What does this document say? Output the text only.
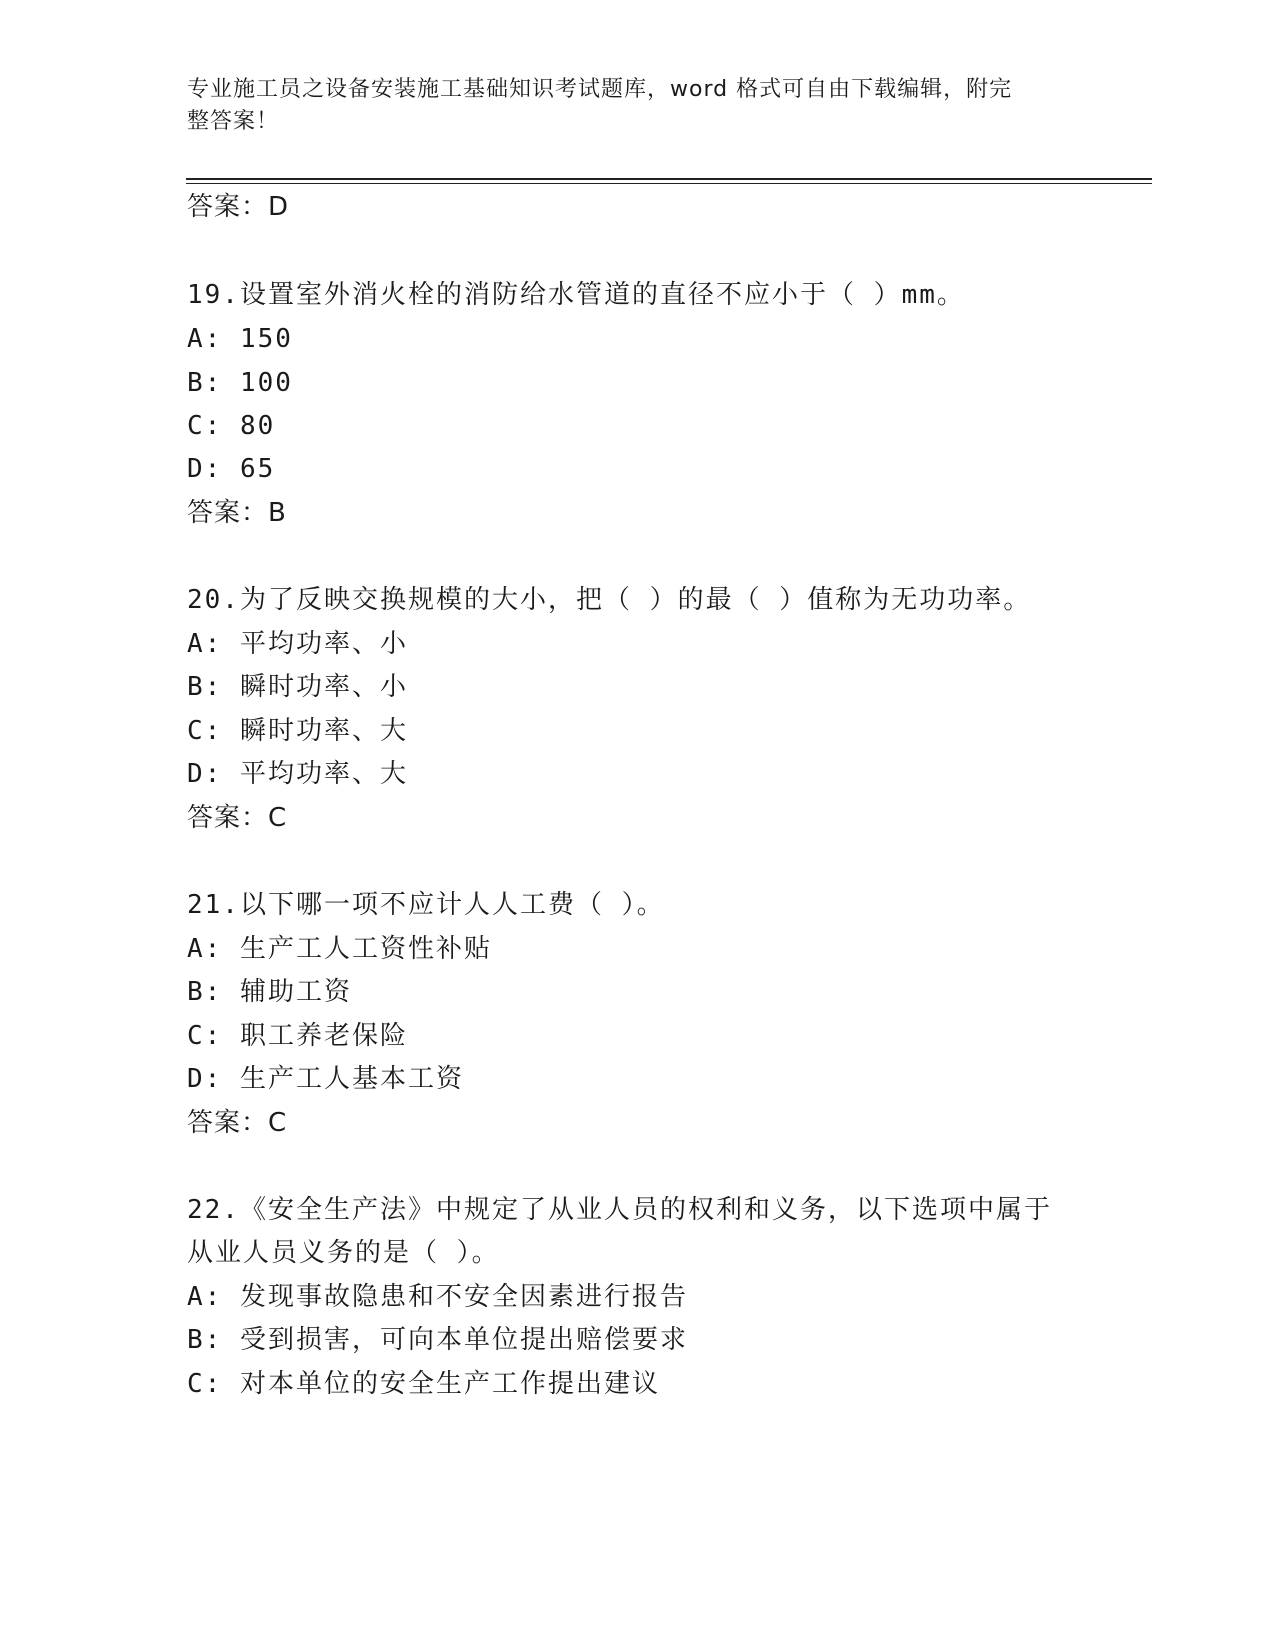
专业施工员之设备安装施工基础知识考试题库，word 格式可自由下载编辑，附完
整答案！
答案：D
19.设置室外消火栓的消防给水管道的直径不应小于（ ）mm。
A: 150
B: 100
C: 80
D: 65
答案：B
20.为了反映交换规模的大小，把（ ）的最（ ）值称为无功功率。
A: 平均功率、小
B: 瞬时功率、小
C: 瞬时功率、大
D: 平均功率、大
答案：C
21.以下哪一项不应计人人工费（ ）。
A: 生产工人工资性补贴
B: 辅助工资
C: 职工养老保险
D: 生产工人基本工资
答案：C
22.《安全生产法》中规定了从业人员的权利和义务，以下选项中属于
从业人员义务的是（ ）。
A: 发现事故隐患和不安全因素进行报告
B: 受到损害，可向本单位提出赔偿要求
C: 对本单位的安全生产工作提出建议
